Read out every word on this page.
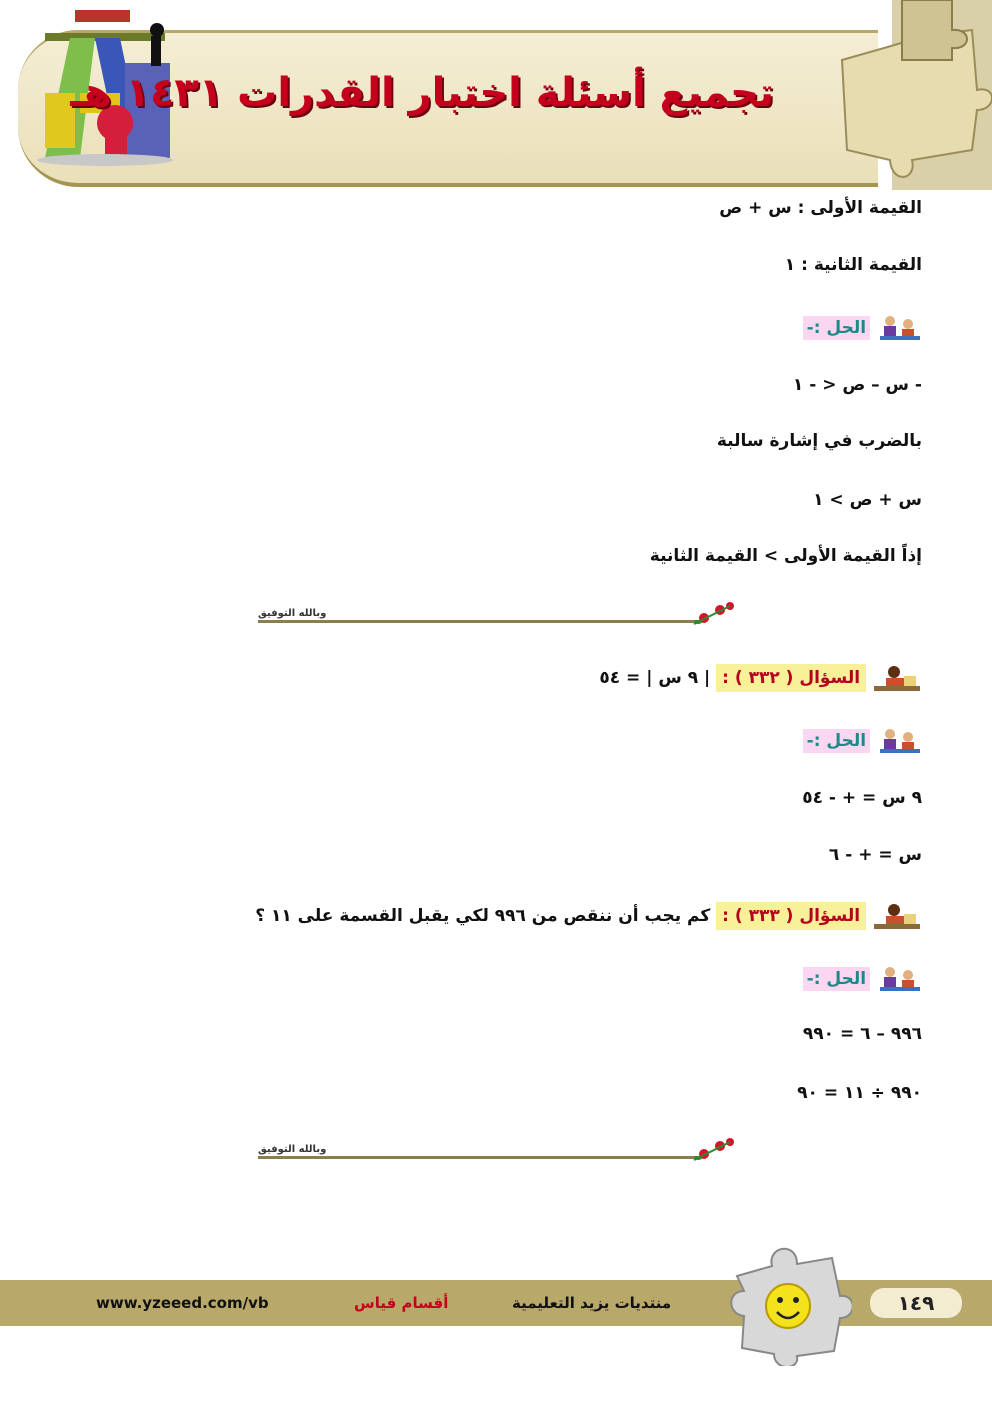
تجميع أسئلة اختبار القدرات ١٤٣١ هـ
القيمة الأولى : س + ص
القيمة الثانية : ١
الحل :-
- س – ص < - ١
بالضرب في إشارة سالبة
س + ص > ١
إذاً القيمة الأولى > القيمة الثانية
وبالله التوفيق
السؤال ( ٣٣٢ ) : | ٩ س | = ٥٤
الحل :-
٩ س = + - ٥٤
س = + - ٦
السؤال ( ٣٣٣ ) : كم يجب أن ننقص من ٩٩٦ لكي يقبل القسمة على ١١ ؟
الحل :-
٩٩٦ – ٦ = ٩٩٠
٩٩٠ ÷ ١١ = ٩٠
وبالله التوفيق
www.yzeeed.com/vb	أقسام قياس	منتديات يزيد التعليمية	١٤٩
